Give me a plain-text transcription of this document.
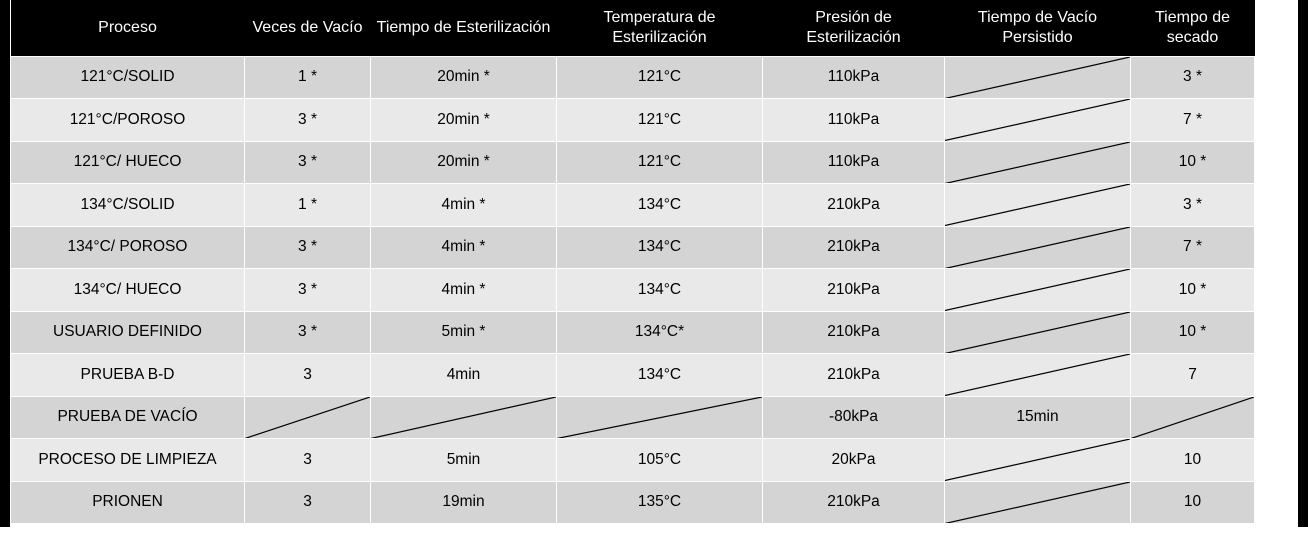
Proceso	Veces de Vacío	Tiempo de Esterilización	Temperatura de Esterilización	Presión de Esterilización	Tiempo de Vacío Persistido	Tiempo de secado
121°C/SOLID	1 *	20min *	121°C	110kPa		3 *
121°C/POROSO	3 *	20min *	121°C	110kPa		7 *
121°C/ HUECO	3 *	20min *	121°C	110kPa		10 *
134°C/SOLID	1 *	4min *	134°C	210kPa		3 *
134°C/ POROSO	3 *	4min *	134°C	210kPa		7 *
134°C/ HUECO	3 *	4min *	134°C	210kPa		10 *
USUARIO DEFINIDO	3 *	5min *	134°C*	210kPa		10 *
PRUEBA B-D	3	4min	134°C	210kPa		7
PRUEBA DE VACÍO				-80kPa	15min	

PROCESO DE LIMPIEZA	3	5min	105°C	20kPa		10
PRIONEN	3	19min	135°C	210kPa		10
